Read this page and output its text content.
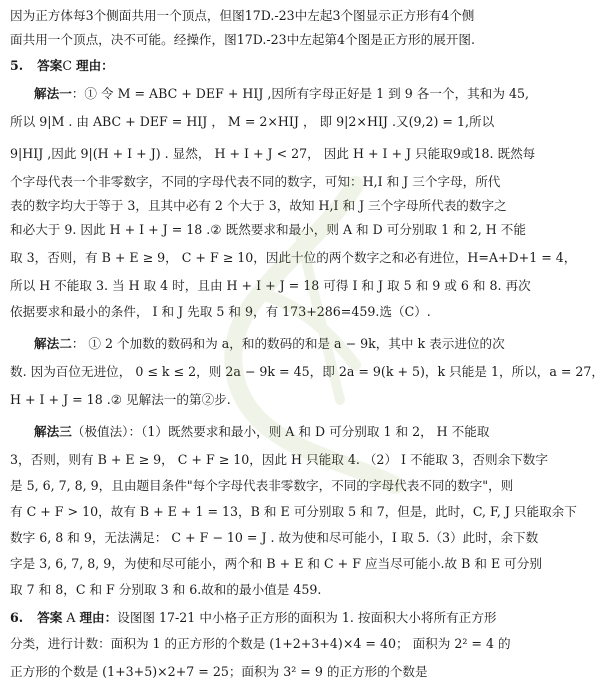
因为正方体每3个侧面共用一个顶点，但图17D.-23中左起3个图显示正方形有4个侧
面共用一个顶点，决不可能。经操作，图17D.-23中左起第4个图是正方形的展开图.
5. 答案C 理由：
解法一：① 令 M = ABC + DEF + HIJ ,因所有字母正好是 1 到 9 各一个，其和为 45,
所以 9|M . 由 ABC + DEF = HIJ ， M = 2×HIJ ， 即 9|2×HIJ .又(9,2) = 1,所以
9|HIJ ,因此 9|(H + I + J) . 显然， H + I + J < 27， 因此 H + I + J 只能取9或18. 既然每
个字母代表一个非零数字，不同的字母代表不同的数字，可知：H,I 和 J 三个字母，所代
表的数字均大于等于 3，且其中必有 2 个大于 3，故知 H,I 和 J 三个字母所代表的数字之
和必大于 9. 因此 H + I + J = 18 .② 既然要求和最小，则 A 和 D 可分别取 1 和 2, H 不能
取 3，否则，有 B + E ≥ 9， C + F ≥ 10，因此十位的两个数字之和必有进位，H=A+D+1 = 4，
所以 H 不能取 3. 当 H 取 4 时，且由 H + I + J = 18 可得 I 和 J 取 5 和 9 或 6 和 8. 再次
依据要求和最小的条件， I 和 J 先取 5 和 9，有 173+286=459.选（C）.
解法二： ① 2 个加数的数码和为 a，和的数码的和是 a − 9k，其中 k 表示进位的次
数. 因为百位无进位， 0 ≤ k ≤ 2，则 2a − 9k = 45，即 2a = 9(k + 5)，k 只能是 1，所以，a = 27，
H + I + J = 18 .② 见解法一的第②步.
解法三（极值法）：（1）既然要求和最小，则 A 和 D 可分别取 1 和 2， H 不能取
3，否则，则有 B + E ≥ 9， C + F ≥ 10，因此 H 只能取 4. （2） I 不能取 3，否则余下数字
是 5, 6, 7, 8, 9，且由题目条件"每个字母代表非零数字，不同的字母代表不同的数字"，则
有 C + F > 10，故有 B + E + 1 = 13，B 和 E 可分别取 5 和 7，但是，此时，C, F, J 只能取余下
数字 6, 8 和 9，无法满足： C + F − 10 = J . 故为使和尽可能小，I 取 5.（3）此时，余下数
字是 3, 6, 7, 8, 9，为使和尽可能小，两个和 B + E 和 C + F 应当尽可能小.故 B 和 E 可分别
取 7 和 8，C 和 F 分别取 3 和 6.故和的最小值是 459.
6. 答案 A 理由：设图图 17-21 中小格子正方形的面积为 1. 按面积大小将所有正方形
分类，进行计数：面积为 1 的正方形的个数是 (1+2+3+4)×4 = 40； 面积为 2² = 4 的
正方形的个数是 (1+3+5)×2+7 = 25；面积为 3² = 9 的正方形的个数是
